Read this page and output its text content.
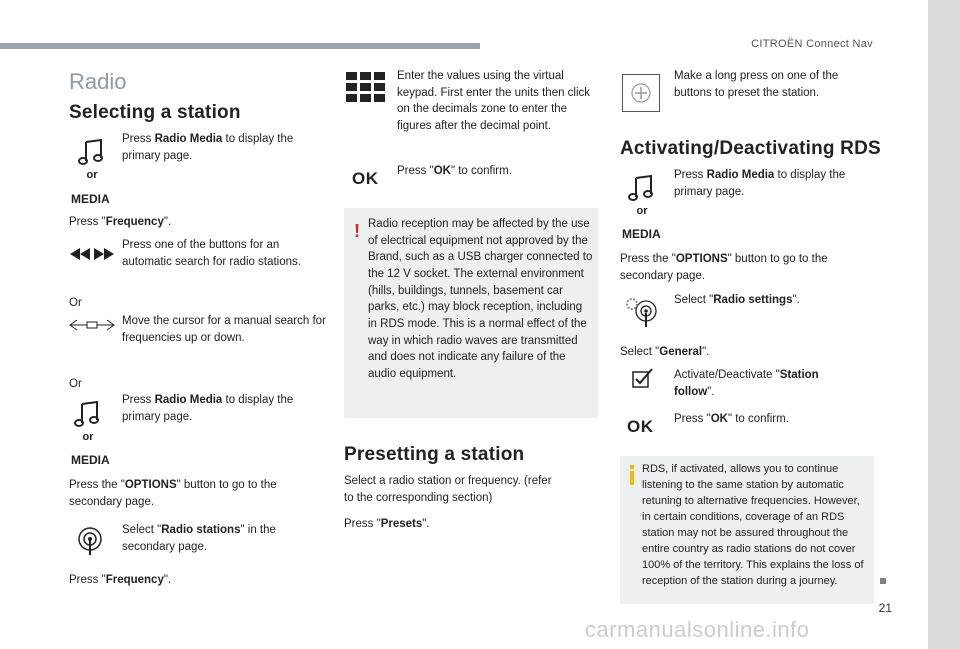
CITROËN Connect Nav
21
carmanualsonline.info
Radio
Selecting a station
or
MEDIA
Press Radio Media to display the primary page.
Press "Frequency".
Press one of the buttons for an automatic search for radio stations.
Or
Move the cursor for a manual search for frequencies up or down.
Or
or
MEDIA
Press Radio Media to display the primary page.
Press the "OPTIONS" button to go to the secondary page.
Select "Radio stations" in the secondary page.
Press "Frequency".
Enter the values using the virtual keypad. First enter the units then click on the decimals zone to enter the figures after the decimal point.
OK Press "OK" to confirm.
! Radio reception may be affected by the use of electrical equipment not approved by the Brand, such as a USB charger connected to the 12 V socket. The external environment (hills, buildings, tunnels, basement car parks, etc.) may block reception, including in RDS mode. This is a normal effect of the way in which radio waves are transmitted and does not indicate any failure of the audio equipment.
Presetting a station
Select a radio station or frequency. (refer to the corresponding section)
Press "Presets".
Make a long press on one of the buttons to preset the station.
Activating/Deactivating RDS
or
MEDIA
Press Radio Media to display the primary page.
Press the "OPTIONS" button to go to the secondary page.
Select "Radio settings".
Select "General".
Activate/Deactivate "Station follow".
OK Press "OK" to confirm.
RDS, if activated, allows you to continue listening to the same station by automatic retuning to alternative frequencies. However, in certain conditions, coverage of an RDS station may not be assured throughout the entire country as radio stations do not cover 100% of the territory. This explains the loss of reception of the station during a journey.
